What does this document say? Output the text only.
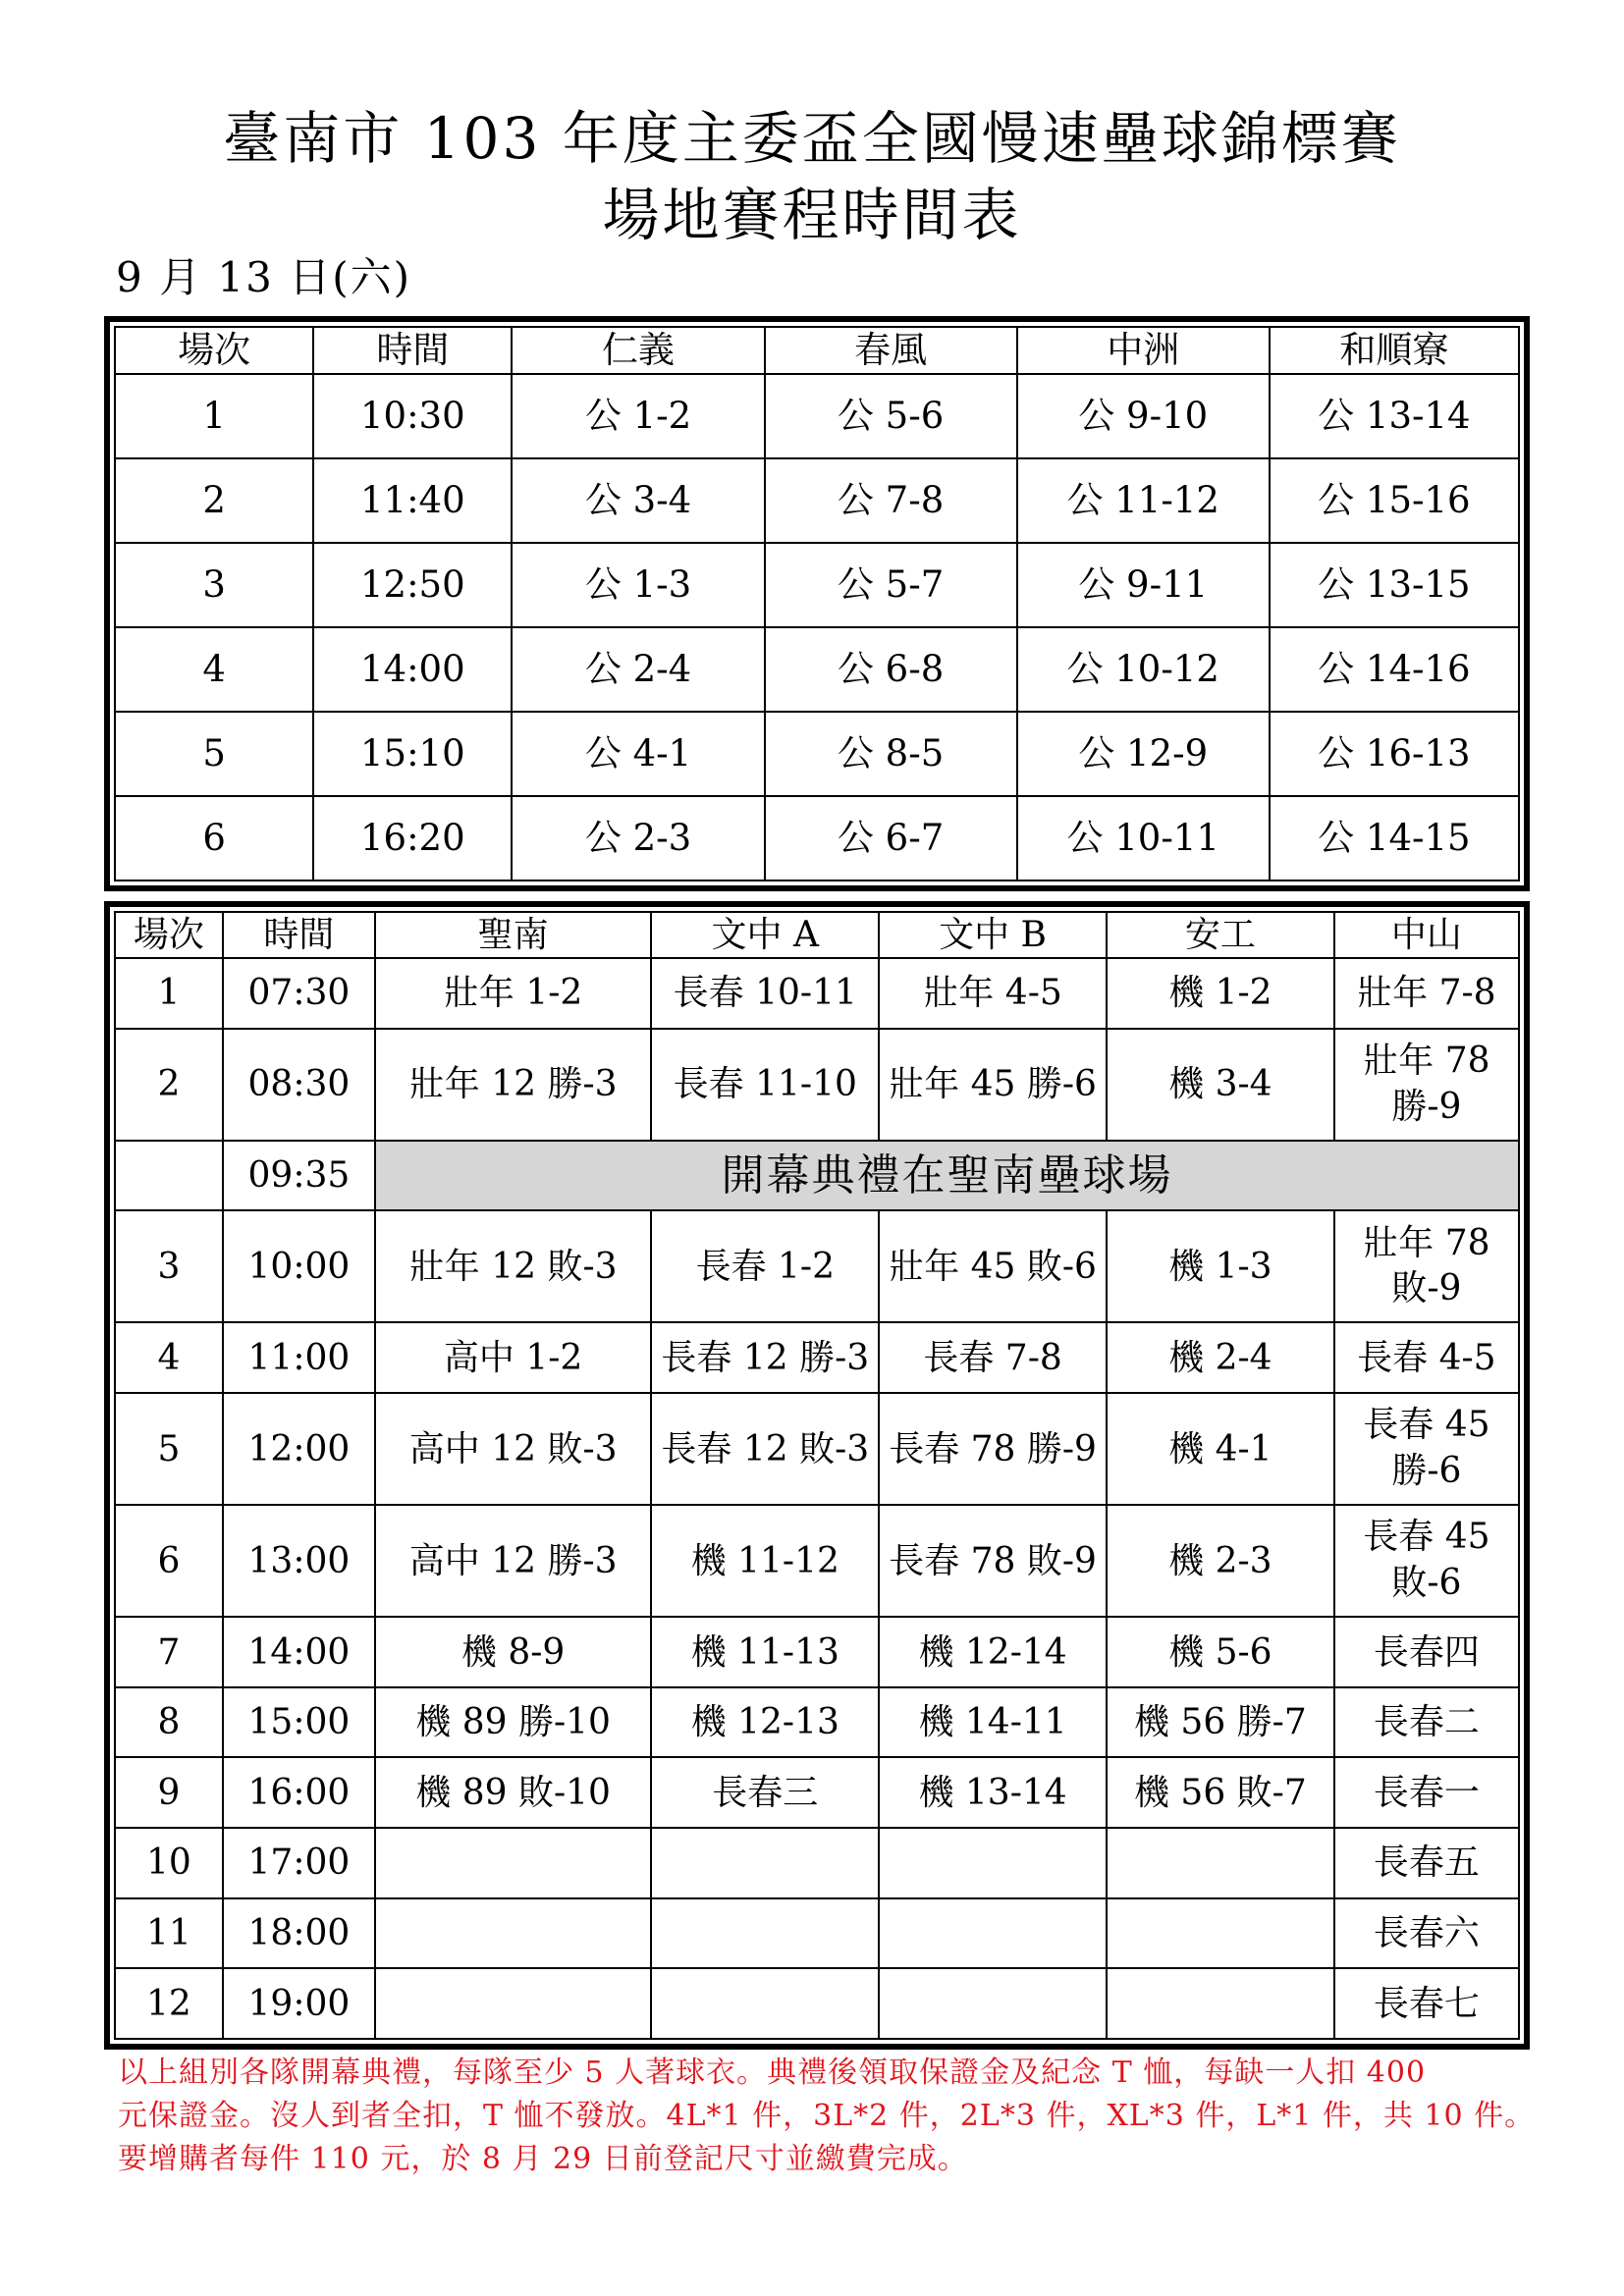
臺南市 103 年度主委盃全國慢速壘球錦標賽
場地賽程時間表
9 月 13 日(六)
場次	時間	仁義	春風	中洲	和順寮
1	10:30	公 1-2	公 5-6	公 9-10	公 13-14
2	11:40	公 3-4	公 7-8	公 11-12	公 15-16
3	12:50	公 1-3	公 5-7	公 9-11	公 13-15
4	14:00	公 2-4	公 6-8	公 10-12	公 14-16
5	15:10	公 4-1	公 8-5	公 12-9	公 16-13
6	16:20	公 2-3	公 6-7	公 10-11	公 14-15
場次	時間	聖南	文中 A	文中 B	安工	中山
1	07:30	壯年 1-2	長春 10-11	壯年 4-5	機 1-2	壯年 7-8
2	08:30	壯年 12 勝-3	長春 11-10	壯年 45 勝-6	機 3-4	壯年 78 勝-9
	09:35	開幕典禮在聖南壘球場				
3	10:00	壯年 12 敗-3	長春 1-2	壯年 45 敗-6	機 1-3	壯年 78 敗-9
4	11:00	高中 1-2	長春 12 勝-3	長春 7-8	機 2-4	長春 4-5
5	12:00	高中 12 敗-3	長春 12 敗-3	長春 78 勝-9	機 4-1	長春 45 勝-6
6	13:00	高中 12 勝-3	機 11-12	長春 78 敗-9	機 2-3	長春 45 敗-6
7	14:00	機 8-9	機 11-13	機 12-14	機 5-6	長春四
8	15:00	機 89 勝-10	機 12-13	機 14-11	機 56 勝-7	長春二
9	16:00	機 89 敗-10	長春三	機 13-14	機 56 敗-7	長春一
10	17:00					長春五
11	18:00					長春六
12	19:00					長春七
以上組別各隊開幕典禮，每隊至少 5 人著球衣。典禮後領取保證金及紀念 T 恤，每缺一人扣 400
元保證金。沒人到者全扣，T 恤不發放。4L*1 件，3L*2 件，2L*3 件，XL*3 件，L*1 件，共 10 件。
要增購者每件 110 元，於 8 月 29 日前登記尺寸並繳費完成。
